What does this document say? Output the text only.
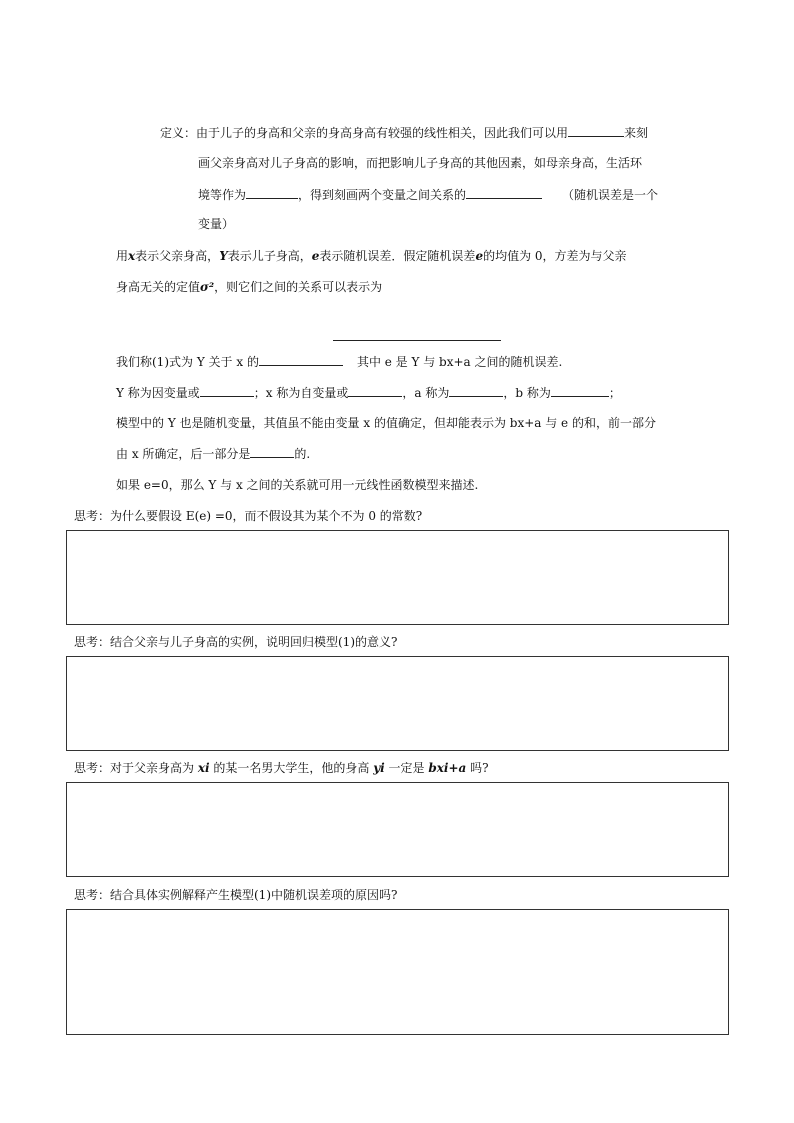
定义：由于儿子的身高和父亲的身高身高有较强的线性相关，因此我们可以用	来刻
画父亲身高对儿子身高的影响，而把影响儿子身高的其他因素，如母亲身高，生活环
境等作为	，得到刻画两个变量之间关系的	（随机误差是一个
变量）
用x表示父亲身高，Y表示儿子身高，e表示随机误差．假定随机误差e的均值为 0，方差为与父亲
身高无关的定值σ²，则它们之间的关系可以表示为
我们称(1)式为 Y 关于 x 的	其中 e 是 Y 与 bx+a 之间的随机误差.
Y 称为因变量或	；x 称为自变量或	，a 称为	，b 称为	；
模型中的 Y 也是随机变量，其值虽不能由变量 x 的值确定，但却能表示为 bx+a 与 e 的和，前一部分
由 x 所确定，后一部分是	的.
如果 e=0，那么 Y 与 x 之间的关系就可用一元线性函数模型来描述.
思考：为什么要假设 E(e) =0，而不假设其为某个不为 0 的常数?
思考：结合父亲与儿子身高的实例，说明回归模型(1)的意义?
思考：对于父亲身高为 xi 的某一名男大学生，他的身高 yi 一定是 bxi+a 吗?
思考：结合具体实例解释产生模型(1)中随机误差项的原因吗?
